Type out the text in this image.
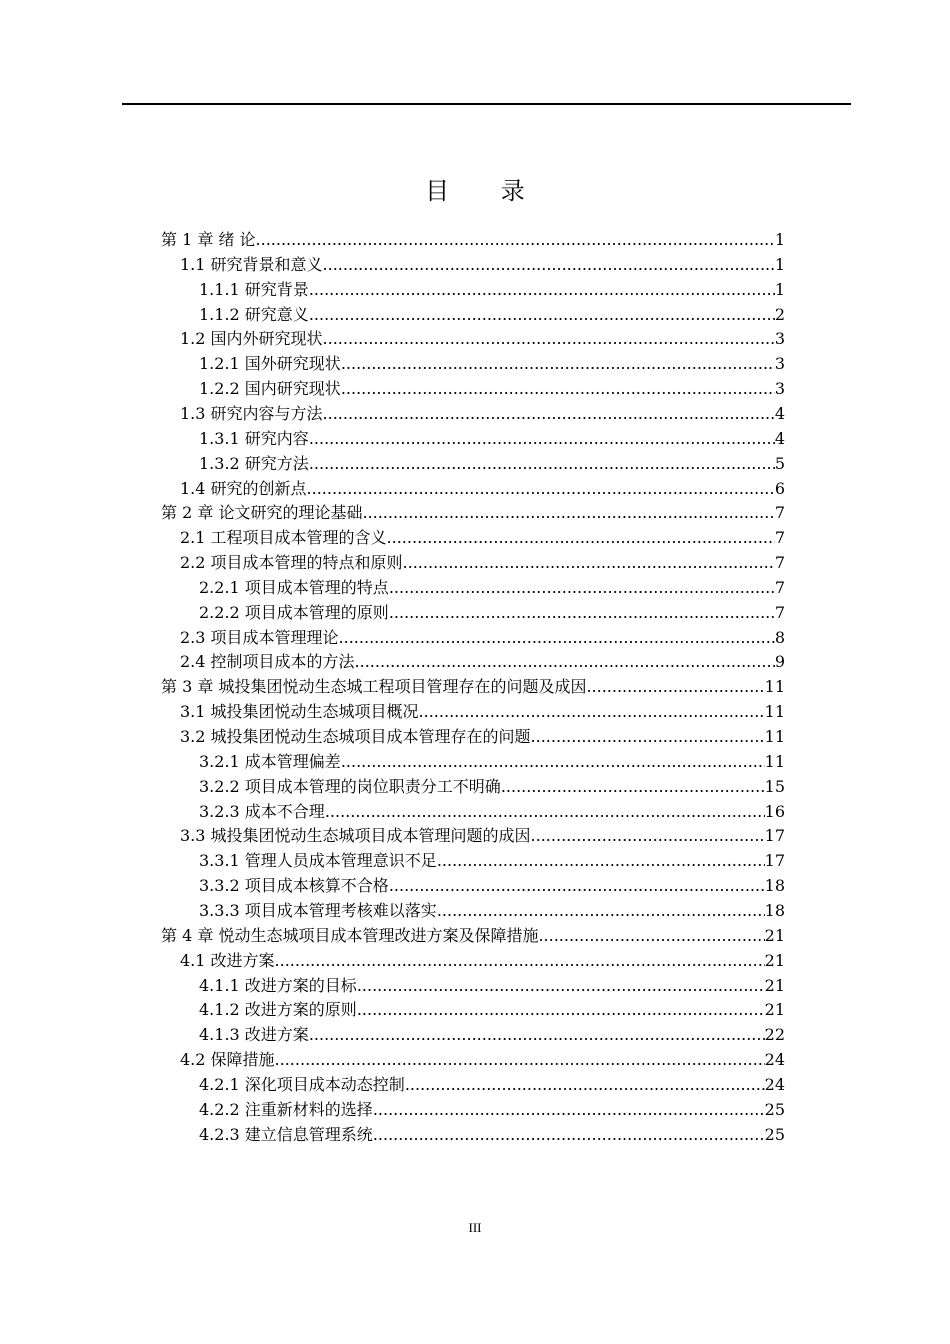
目 录
第 1 章 绪 论 .....	1
1.1 研究背景和意义 .....	1
1.1.1 研究背景 .....	1
1.1.2 研究意义 .....	2
1.2 国内外研究现状 .....	3
1.2.1 国外研究现状 .....	3
1.2.2 国内研究现状 .....	3
1.3 研究内容与方法 .....	4
1.3.1 研究内容 .....	4
1.3.2 研究方法 .....	5
1.4 研究的创新点 .....	6
第 2 章 论文研究的理论基础 .....	7
2.1 工程项目成本管理的含义 .....	7
2.2 项目成本管理的特点和原则 .....	7
2.2.1 项目成本管理的特点 .....	7
2.2.2 项目成本管理的原则 .....	7
2.3 项目成本管理理论 .....	8
2.4 控制项目成本的方法 .....	9
第 3 章 城投集团悦动生态城工程项目管理存在的问题及成因 .....	11
3.1 城投集团悦动生态城项目概况 .....	11
3.2 城投集团悦动生态城项目成本管理存在的问题 .....	11
3.2.1 成本管理偏差 .....	11
3.2.2 项目成本管理的岗位职责分工不明确 .....	15
3.2.3 成本不合理 .....	16
3.3 城投集团悦动生态城项目成本管理问题的成因 .....	17
3.3.1 管理人员成本管理意识不足 .....	17
3.3.2 项目成本核算不合格 .....	18
3.3.3 项目成本管理考核难以落实 .....	18
第 4 章 悦动生态城项目成本管理改进方案及保障措施 .....	21
4.1 改进方案 .....	21
4.1.1 改进方案的目标 .....	21
4.1.2 改进方案的原则 .....	21
4.1.3 改进方案 .....	22
4.2 保障措施 .....	24
4.2.1 深化项目成本动态控制 .....	24
4.2.2 注重新材料的选择 .....	25
4.2.3 建立信息管理系统 .....	25
III
